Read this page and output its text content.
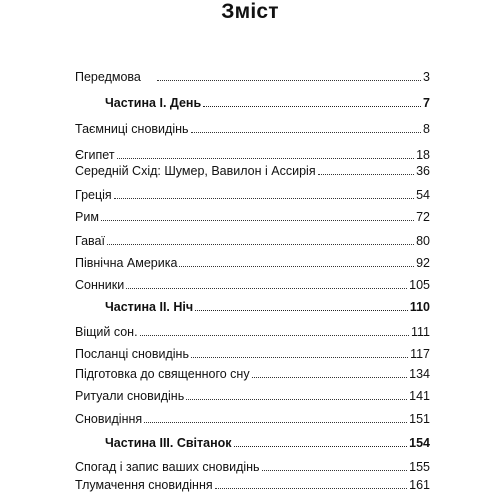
Зміст
Передмова	3
Частина I. День	7
Таємниці сновидінь	8
Єгипет	18
Середній Схід: Шумер, Вавилон і Ассирія	36
Греція	54
Рим	72
Гаваї	80
Північна Америка	92
Сонники	105
Частина II. Ніч	110
Віщий сон.	111
Посланці сновидінь	117
Підготовка до священного сну	134
Ритуали сновидінь	141
Сновидіння	151
Частина III. Світанок	154
Спогад і запис ваших сновидінь	155
Тлумачення сновидіння	161
